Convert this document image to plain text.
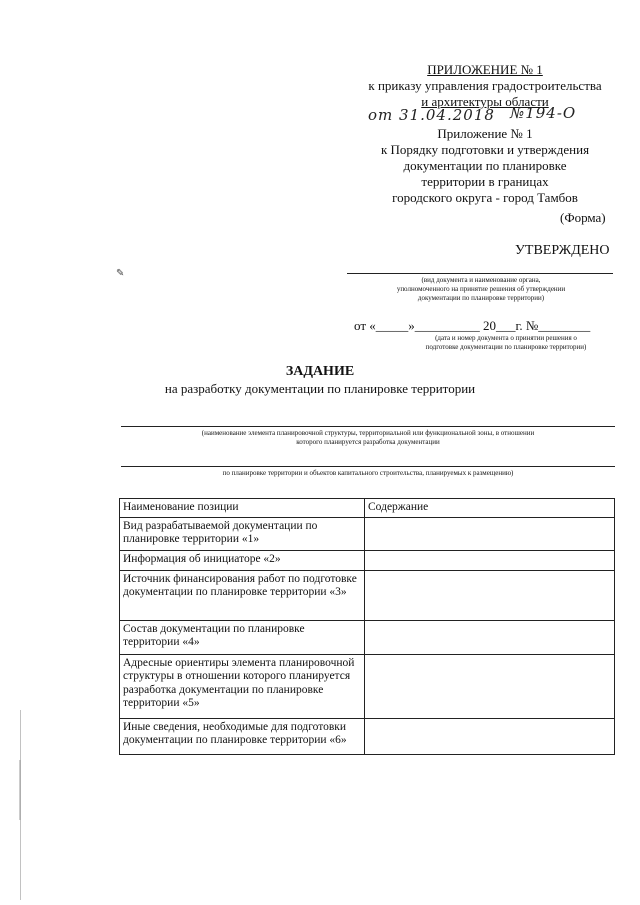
ПРИЛОЖЕНИЕ № 1
к приказу управления градостроительства
и архитектуры области
от 31.04.2018 №194-О
Приложение № 1
к Порядку подготовки и утверждения
документации по планировке
территории в границах
городского округа - город Тамбов
(Форма)
УТВЕРЖДЕНО
✎
(вид документа и наименование органа,
уполномоченного на принятие решения об утверждении
документации по планировке территории)
от «_____»__________ 20___г. №________
(дата и номер документа о принятии решения о
подготовке документации по планировке территории)
ЗАДАНИЕ
на разработку документации по планировке территории
(наименование элемента планировочной структуры, территориальной или функциональной зоны, в отношении
которого планируется разработка документации
по планировке территории и объектов капитального строительства, планируемых к размещению)
Наименование позиции	Содержание
Вид разрабатываемой документации по планировке территории «1»	
Информация об инициаторе «2»	
Источник финансирования работ по подготовке документации по планировке территории «3»	
Состав документации по планировке территории «4»	
Адресные ориентиры элемента планировочной структуры в отношении которого планируется разработка документации по планировке территории «5»	
Иные сведения, необходимые для подготовки документации по планировке территории «6»	
